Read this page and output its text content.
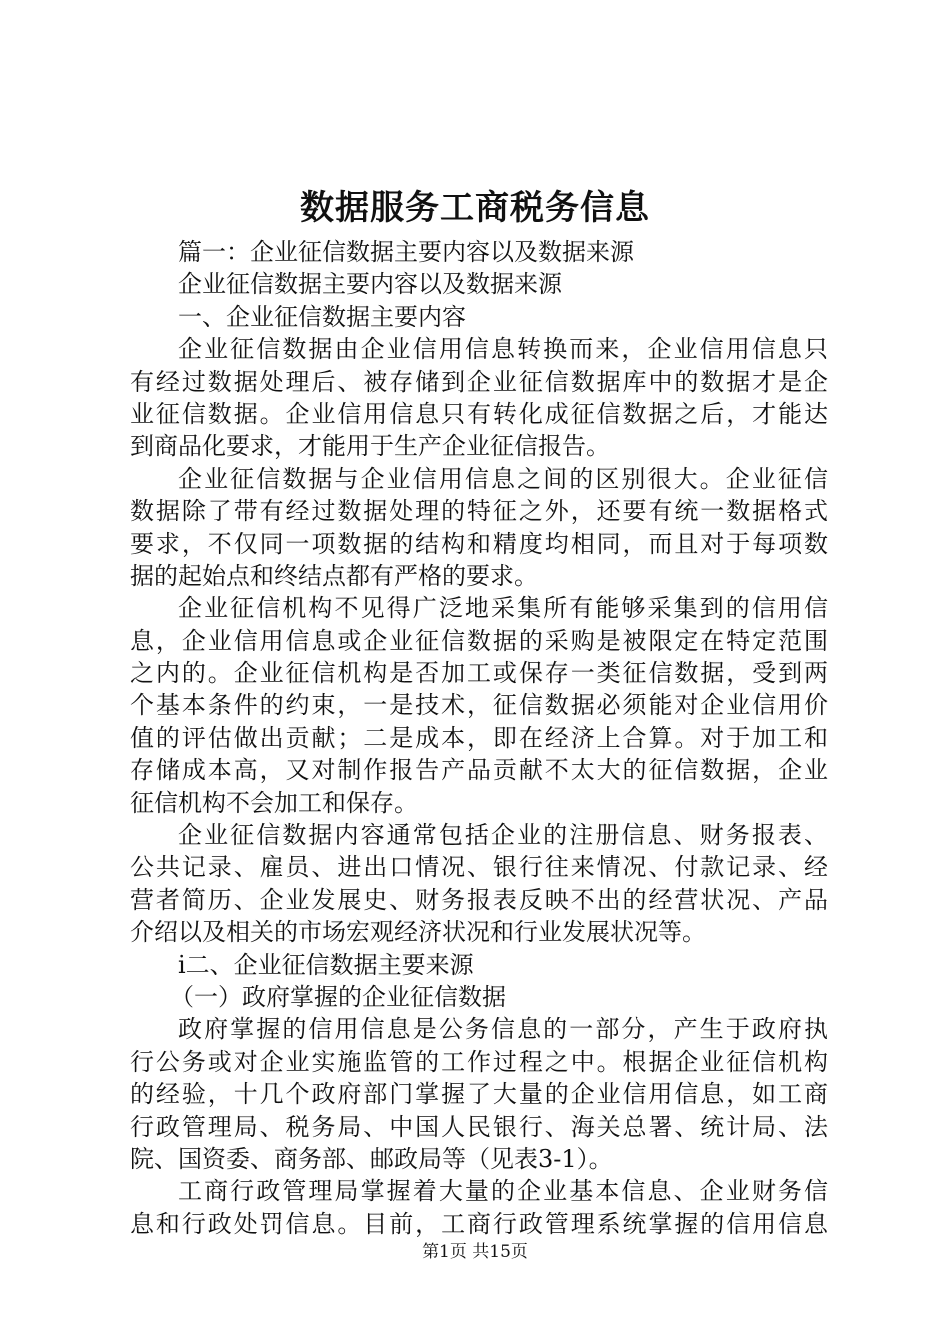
数据服务工商税务信息
篇一：企业征信数据主要内容以及数据来源
企业征信数据主要内容以及数据来源
一、企业征信数据主要内容
企业征信数据由企业信用信息转换而来，企业信用信息只
有经过数据处理后、被存储到企业征信数据库中的数据才是企
业征信数据。企业信用信息只有转化成征信数据之后，才能达
到商品化要求，才能用于生产企业征信报告。
企业征信数据与企业信用信息之间的区别很大。企业征信
数据除了带有经过数据处理的特征之外，还要有统一数据格式
要求，不仅同一项数据的结构和精度均相同，而且对于每项数
据的起始点和终结点都有严格的要求。
企业征信机构不见得广泛地采集所有能够采集到的信用信
息，企业信用信息或企业征信数据的采购是被限定在特定范围
之内的。企业征信机构是否加工或保存一类征信数据，受到两
个基本条件的约束，一是技术，征信数据必须能对企业信用价
值的评估做出贡献；二是成本，即在经济上合算。对于加工和
存储成本高，又对制作报告产品贡献不太大的征信数据，企业
征信机构不会加工和保存。
企业征信数据内容通常包括企业的注册信息、财务报表、
公共记录、雇员、进出口情况、银行往来情况、付款记录、经
营者简历、企业发展史、财务报表反映不出的经营状况、产品
介绍以及相关的市场宏观经济状况和行业发展状况等。
i二、企业征信数据主要来源
（一）政府掌握的企业征信数据
政府掌握的信用信息是公务信息的一部分，产生于政府执
行公务或对企业实施监管的工作过程之中。根据企业征信机构
的经验，十几个政府部门掌握了大量的企业信用信息，如工商
行政管理局、税务局、中国人民银行、海关总署、统计局、法
院、国资委、商务部、邮政局等（见表3-1）。
工商行政管理局掌握着大量的企业基本信息、企业财务信
息和行政处罚信息。目前，工商行政管理系统掌握的信用信息
第1页 共15页
